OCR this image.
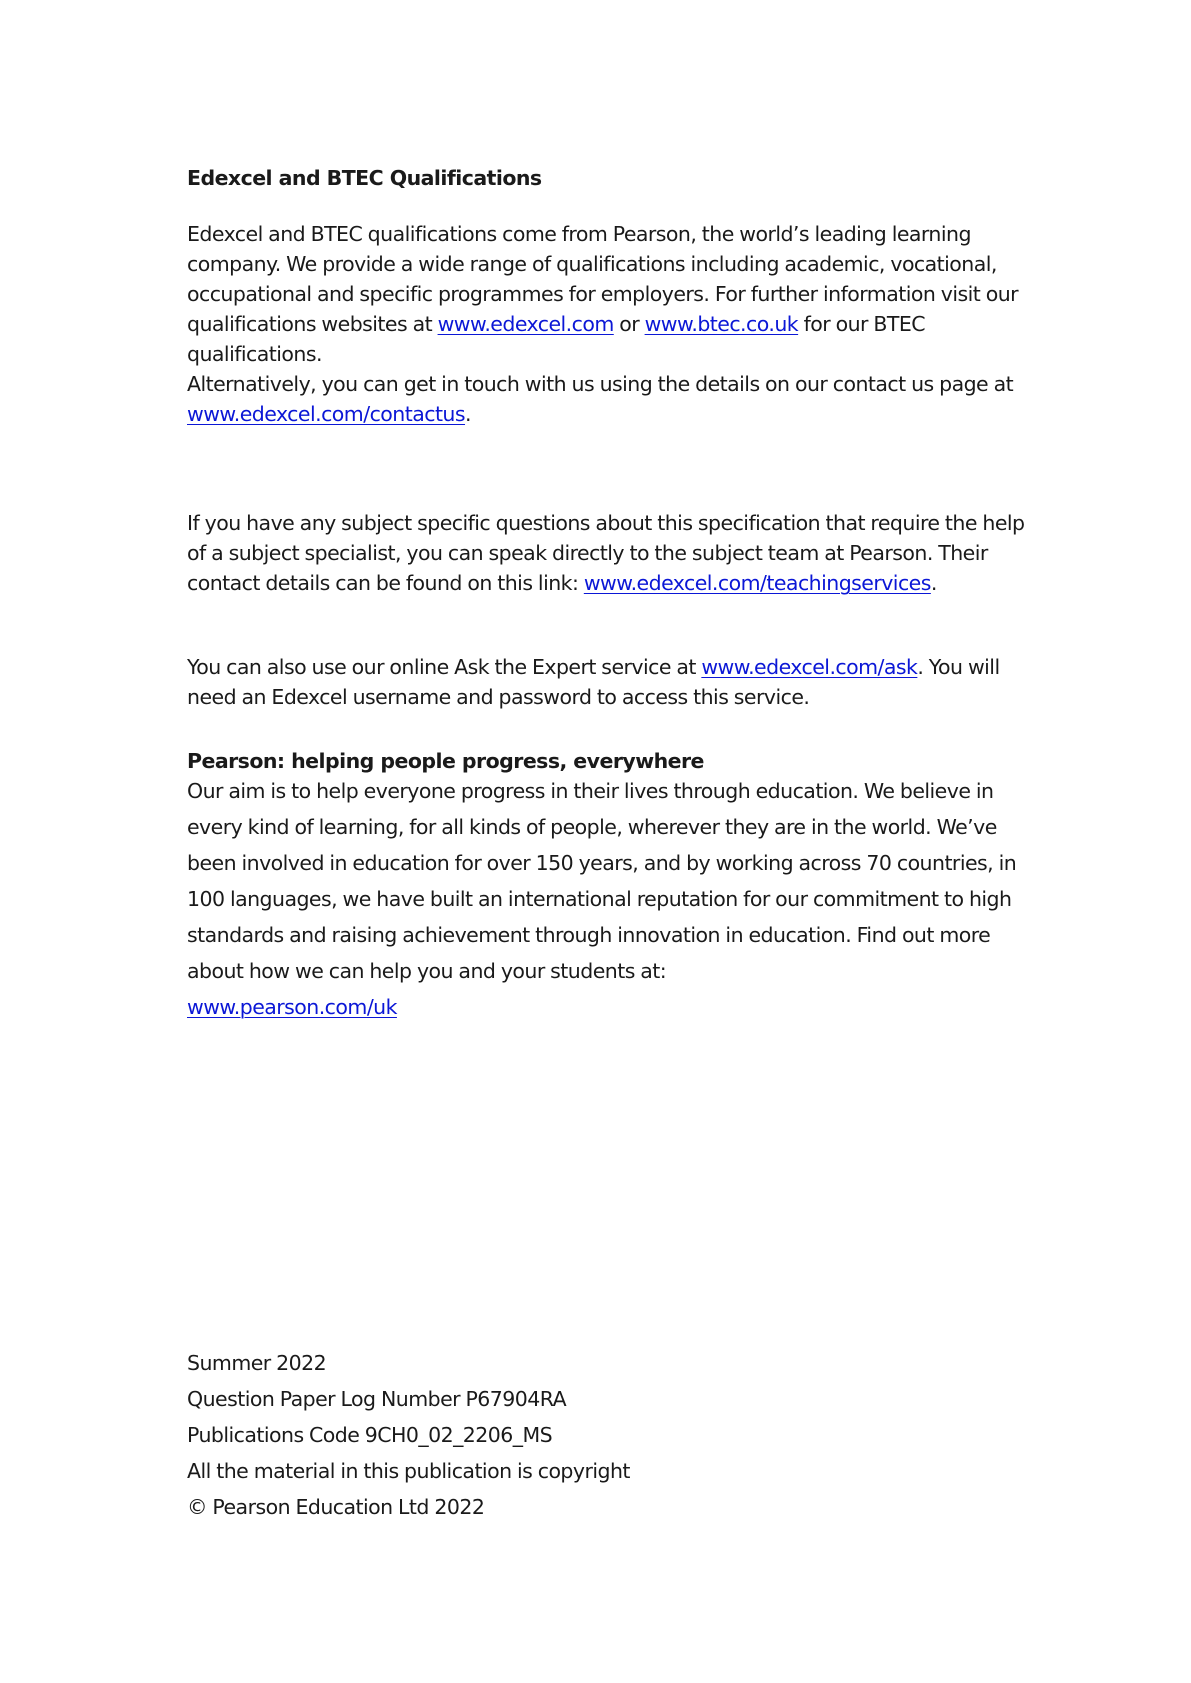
Edexcel and BTEC Qualifications
Edexcel and BTEC qualifications come from Pearson, the world’s leading learning company. We provide a wide range of qualifications including academic, vocational, occupational and specific programmes for employers. For further information visit our qualifications websites at www.edexcel.com or www.btec.co.uk for our BTEC qualifications.
Alternatively, you can get in touch with us using the details on our contact us page at www.edexcel.com/contactus.
If you have any subject specific questions about this specification that require the help of a subject specialist, you can speak directly to the subject team at Pearson. Their contact details can be found on this link: www.edexcel.com/teachingservices.
You can also use our online Ask the Expert service at www.edexcel.com/ask. You will need an Edexcel username and password to access this service.
Pearson: helping people progress, everywhere
Our aim is to help everyone progress in their lives through education. We believe in every kind of learning, for all kinds of people, wherever they are in the world. We’ve been involved in education for over 150 years, and by working across 70 countries, in 100 languages, we have built an international reputation for our commitment to high standards and raising achievement through innovation in education. Find out more about how we can help you and your students at:
www.pearson.com/uk
Summer 2022
Question Paper Log Number P67904RA
Publications Code 9CH0_02_2206_MS
All the material in this publication is copyright
© Pearson Education Ltd 2022
